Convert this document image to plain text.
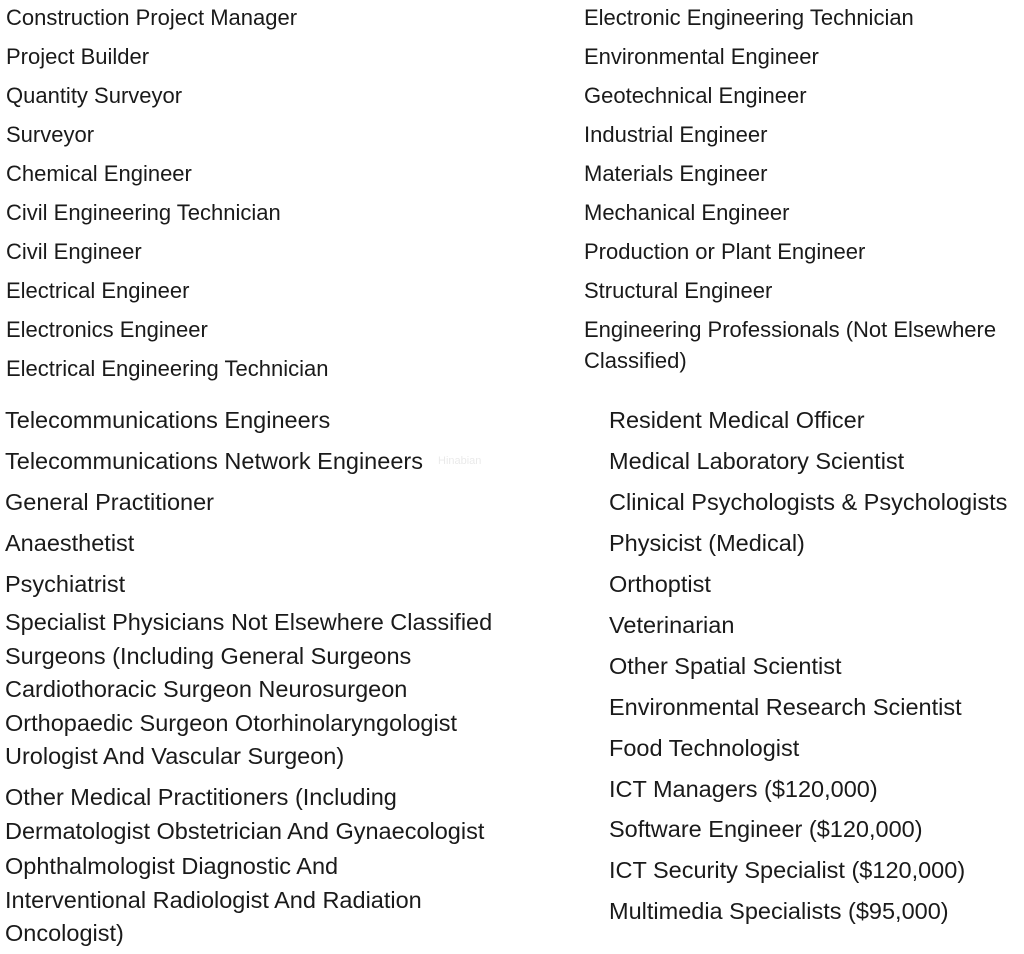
Construction Project Manager
Project Builder
Quantity Surveyor
Surveyor
Chemical Engineer
Civil Engineering Technician
Civil Engineer
Electrical Engineer
Electronics Engineer
Electrical Engineering Technician
Electronic Engineering Technician
Environmental Engineer
Geotechnical Engineer
Industrial Engineer
Materials Engineer
Mechanical Engineer
Production or Plant Engineer
Structural Engineer
Engineering Professionals (Not Elsewhere
Classified)
Telecommunications Engineers
Telecommunications Network Engineers
General Practitioner
Anaesthetist
Psychiatrist
Specialist Physicians Not Elsewhere Classified
Surgeons (Including General Surgeons
Cardiothoracic Surgeon Neurosurgeon
Orthopaedic Surgeon Otorhinolaryngologist
Urologist And Vascular Surgeon)
Other Medical Practitioners (Including
Dermatologist Obstetrician And Gynaecologist
Ophthalmologist Diagnostic And
Interventional Radiologist And Radiation
Oncologist)
Resident Medical Officer
Medical Laboratory Scientist
Clinical Psychologists & Psychologists
Physicist (Medical)
Orthoptist
Veterinarian
Other Spatial Scientist
Environmental Research Scientist
Food Technologist
ICT Managers ($120,000)
Software Engineer ($120,000)
ICT Security Specialist ($120,000)
Multimedia Specialists ($95,000)
Hinabian
